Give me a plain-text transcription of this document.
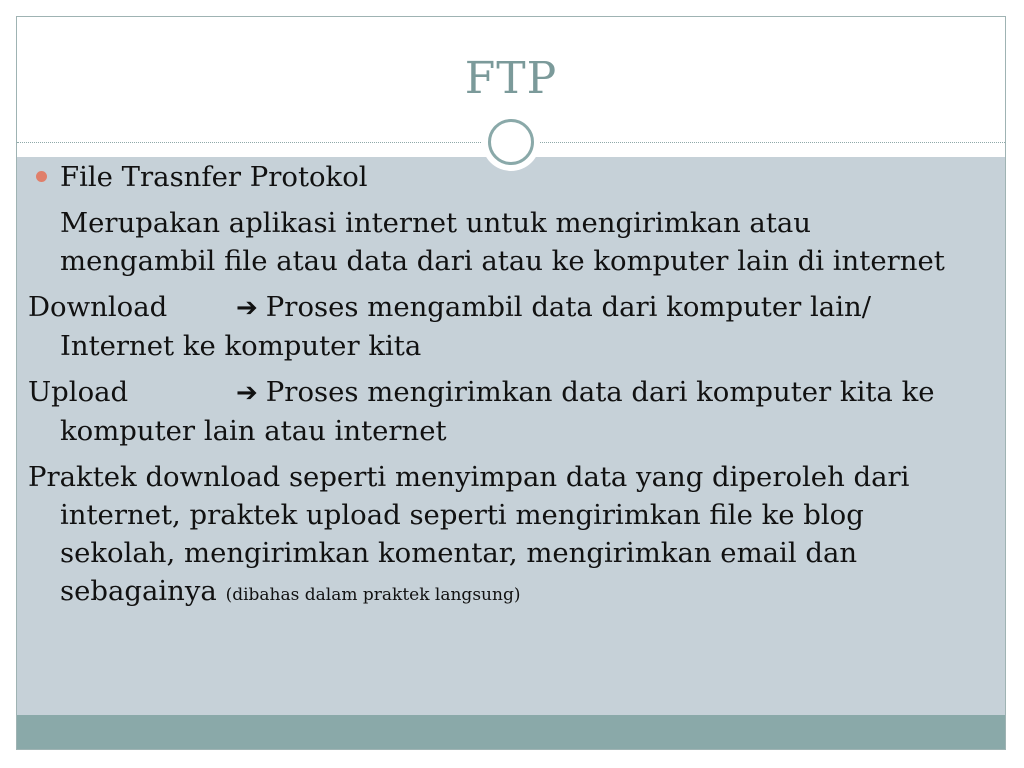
FTP
File Trasnfer Protokol
Merupakan aplikasi internet untuk mengirimkan atau mengambil file atau data dari atau ke komputer lain di internet
Download	➔ Proses mengambil data dari komputer lain/ Internet ke komputer kita
Upload	➔ Proses mengirimkan data dari komputer kita ke komputer lain atau internet
Praktek download seperti menyimpan data yang diperoleh dari internet, praktek upload seperti mengirimkan file ke blog sekolah, mengirimkan komentar, mengirimkan email dan sebagainya (dibahas dalam praktek langsung)
